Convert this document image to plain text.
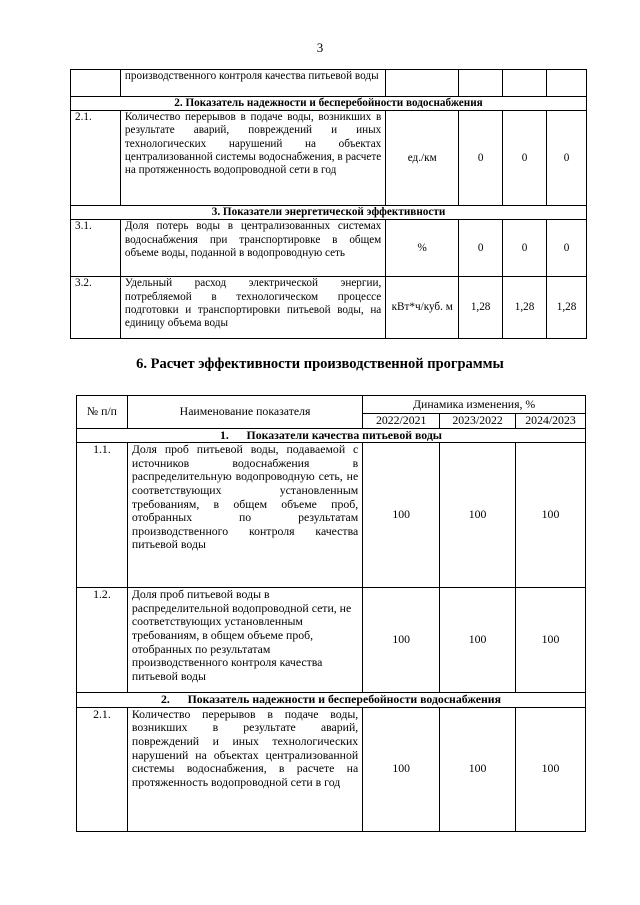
3
	производственного контроля качества питьевой воды				
2. Показатель надежности и бесперебойности водоснабжения					
2.1.	Количество перерывов в подаче воды, возникших в результате аварий, повреждений и иных технологических нарушений на объектах централизованной системы водоснабжения, в расчете на протяженность водопроводной сети в год	ед./км	0	0	0
3. Показатели энергетической эффективности					
3.1.	Доля потерь воды в централизованных системах водоснабжения при транспортировке в общем объеме воды, поданной в водопроводную сеть	%	0	0	0
3.2.	Удельный расход электрической энергии, потребляемой в технологическом процессе подготовки и транспортировки питьевой воды, на единицу объема воды	кВт*ч/куб. м	1,28	1,28	1,28
6. Расчет эффективности производственной программы
№ п/п	Наименование показателя	Динамика изменения, %		
		2022/2021	2023/2022	2024/2023
1.      Показатели качества питьевой воды				
1.1.	Доля проб питьевой воды, подаваемой с источников водоснабжения в распределительную водопроводную сеть, не соответствующих установленным требованиям, в общем объеме проб, отобранных по результатам производственного контроля качества питьевой воды	100	100	100
1.2.	Доля проб питьевой воды в распределительной водопроводной сети, не соответствующих установленным требованиям, в общем объеме проб, отобранных по результатам производственного контроля качества питьевой воды	100	100	100
2.      Показатель надежности и бесперебойности водоснабжения				
2.1.	Количество перерывов в подаче воды, возникших в результате аварий, повреждений и иных технологических нарушений на объектах централизованной системы водоснабжения, в расчете на протяженность водопроводной сети в год	100	100	100
